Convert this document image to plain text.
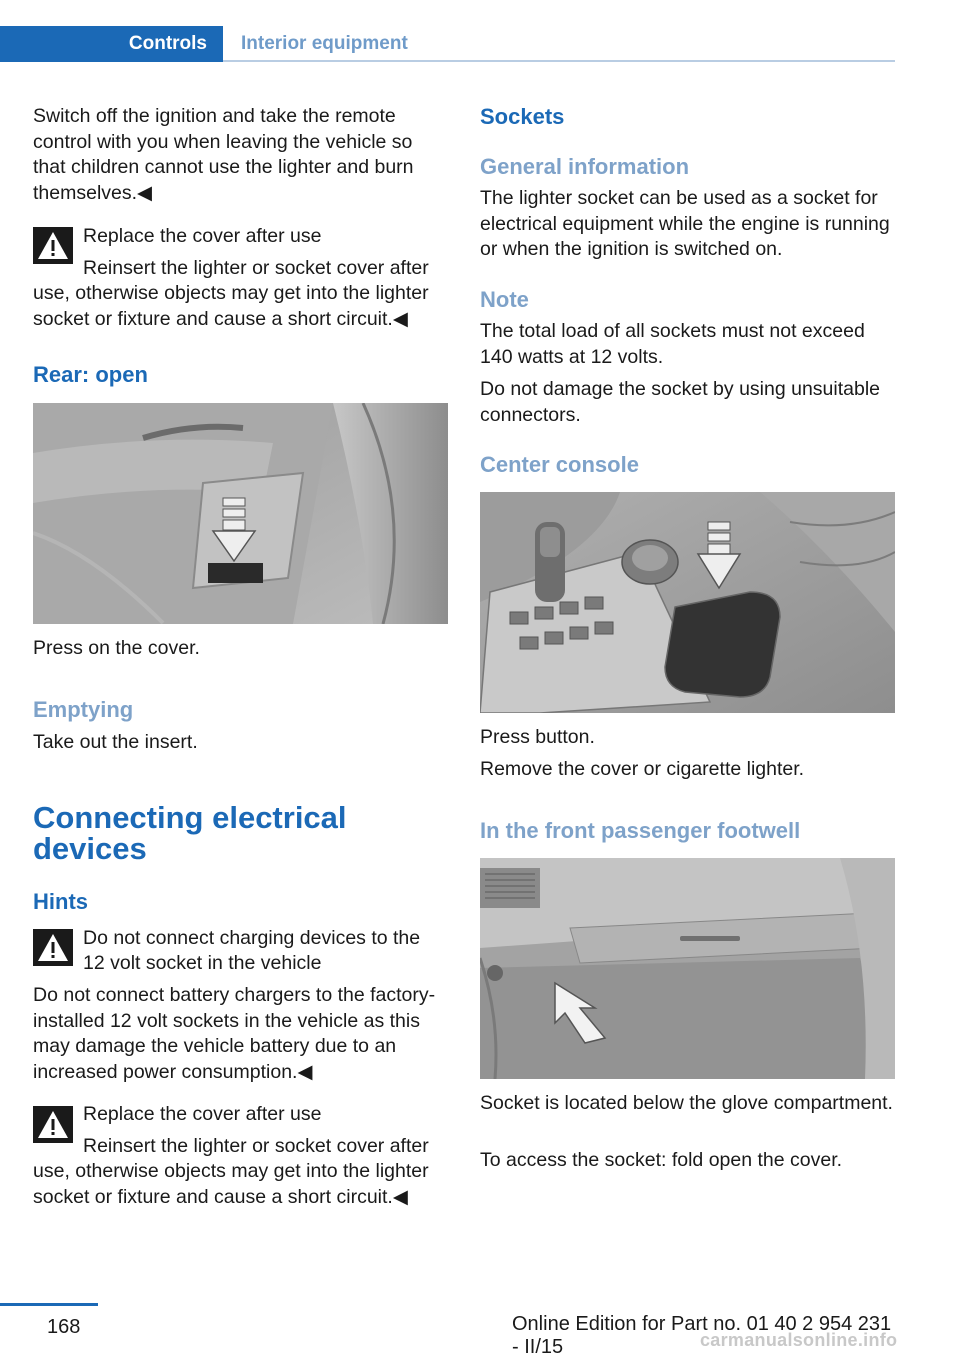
Controls	Interior equipment

Switch off the ignition and take the remote control with you when leaving the vehicle so that children cannot use the lighter and burn themselves.◀

Replace the cover after use
Reinsert the lighter or socket cover after
use, otherwise objects may get into the lighter socket or fixture and cause a short circuit.◀
Rear: open
Press on the cover.
Emptying
Take out the insert.
Connecting electrical devices
Hints
Do not connect charging devices to the
12 volt socket in the vehicle
Do not connect battery chargers to the factory-installed 12 volt sockets in the vehicle as this may damage the vehicle battery due to an increased power consumption.◀
Replace the cover after use
Reinsert the lighter or socket cover after
use, otherwise objects may get into the lighter socket or fixture and cause a short circuit.◀
Sockets
General information

The lighter socket can be used as a socket for electrical equipment while the engine is running or when the ignition is switched on.

Note

The total load of all sockets must not exceed 140 watts at 12 volts.

Do not damage the socket by using unsuitable connectors.

Center console
Press button.
Remove the cover or cigarette lighter.
In the front passenger footwell

Socket is located below the glove compartment.

To access the socket: fold open the cover.

168	Online Edition for Part no. 01 40 2 954 231 - II/15	carmanualsonline.info
